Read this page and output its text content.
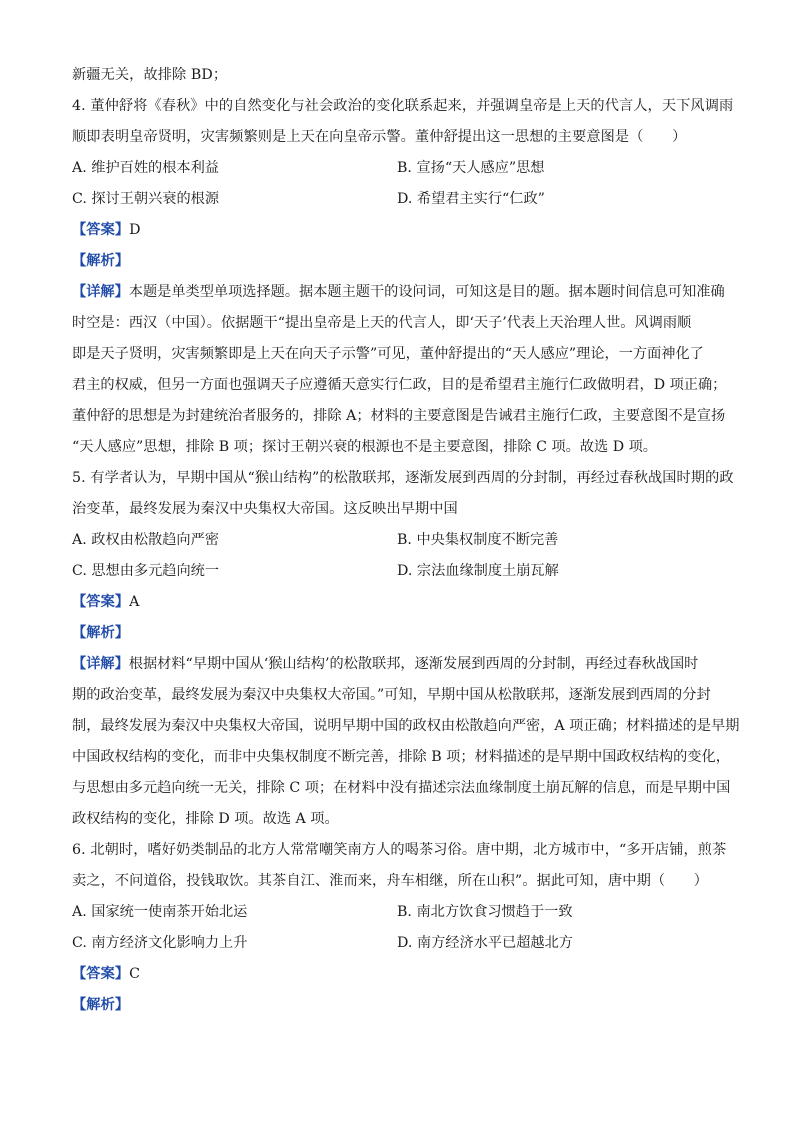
新疆无关，故排除 BD；
4. 董仲舒将《春秋》中的自然变化与社会政治的变化联系起来，并强调皇帝是上天的代言人，天下风调雨
顺即表明皇帝贤明，灾害频繁则是上天在向皇帝示警。董仲舒提出这一思想的主要意图是（　　）
A. 维护百姓的根本利益	B. 宣扬“天人感应”思想
C. 探讨王朝兴衰的根源	D. 希望君主实行“仁政”
【答案】D
【解析】
【详解】本题是单类型单项选择题。据本题主题干的设问词，可知这是目的题。据本题时间信息可知准确
时空是：西汉（中国）。依据题干“提出皇帝是上天的代言人，即‘天子’代表上天治理人世。风调雨顺
即是天子贤明，灾害频繁即是上天在向天子示警”可见，董仲舒提出的“天人感应”理论，一方面神化了
君主的权威，但另一方面也强调天子应遵循天意实行仁政，目的是希望君主施行仁政做明君，D 项正确；
董仲舒的思想是为封建统治者服务的，排除 A；材料的主要意图是告诫君主施行仁政，主要意图不是宣扬
“天人感应”思想，排除 B 项；探讨王朝兴衰的根源也不是主要意图，排除 C 项。故选 D 项。
5. 有学者认为，早期中国从“猴山结构”的松散联邦，逐渐发展到西周的分封制，再经过春秋战国时期的政
治变革，最终发展为秦汉中央集权大帝国。这反映出早期中国
A. 政权由松散趋向严密	B. 中央集权制度不断完善
C. 思想由多元趋向统一	D. 宗法血缘制度土崩瓦解
【答案】A
【解析】
【详解】根据材料“早期中国从‘猴山结构’的松散联邦，逐渐发展到西周的分封制，再经过春秋战国时
期的政治变革，最终发展为秦汉中央集权大帝国。”可知，早期中国从松散联邦，逐渐发展到西周的分封
制，最终发展为秦汉中央集权大帝国，说明早期中国的政权由松散趋向严密，A 项正确；材料描述的是早期
中国政权结构的变化，而非中央集权制度不断完善，排除 B 项；材料描述的是早期中国政权结构的变化，
与思想由多元趋向统一无关，排除 C 项；在材料中没有描述宗法血缘制度土崩瓦解的信息，而是早期中国
政权结构的变化，排除 D 项。故选 A 项。
6. 北朝时，嗜好奶类制品的北方人常常嘲笑南方人的喝茶习俗。唐中期，北方城市中，“多开店铺，煎茶
卖之，不问道俗，投钱取饮。其茶自江、淮而来，舟车相继，所在山积”。据此可知，唐中期（　　）
A. 国家统一使南茶开始北运	B. 南北方饮食习惯趋于一致
C. 南方经济文化影响力上升	D. 南方经济水平已超越北方
【答案】C
【解析】
